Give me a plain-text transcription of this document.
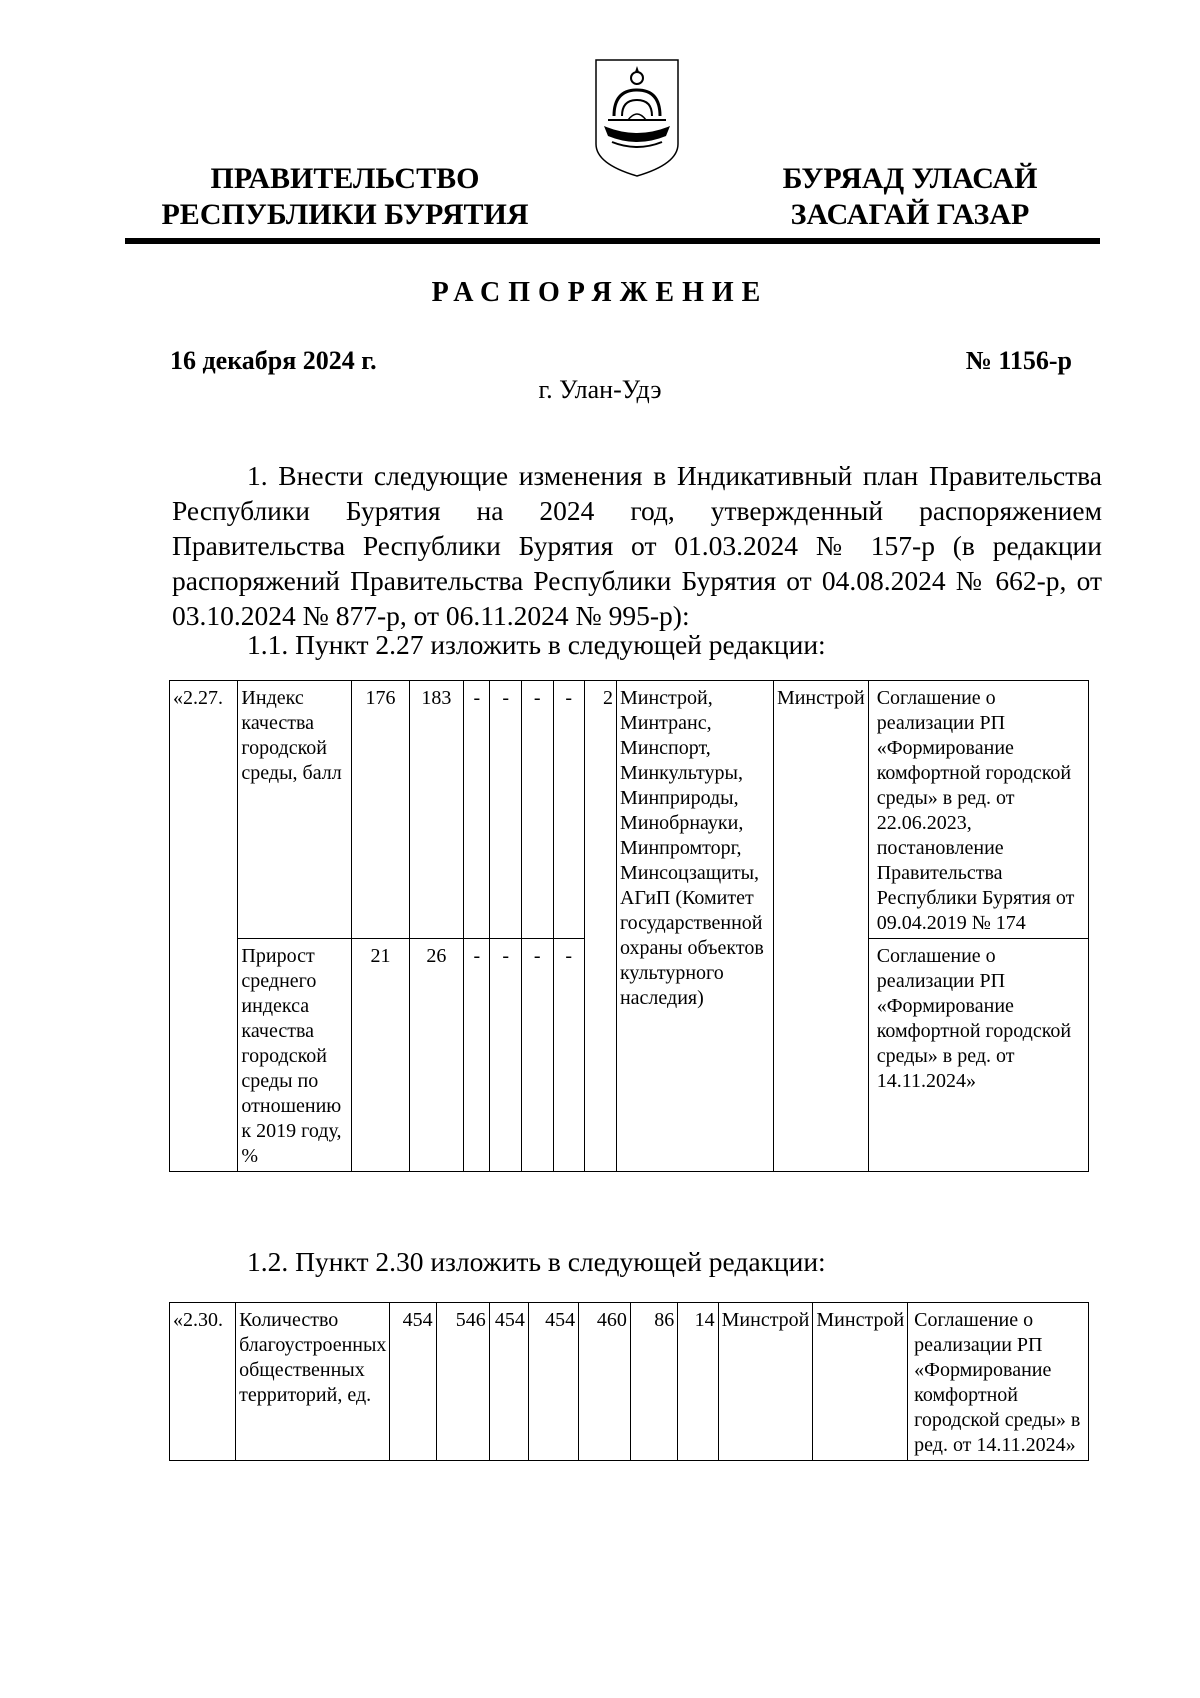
ПРАВИТЕЛЬСТВО
РЕСПУБЛИКИ БУРЯТИЯ
БУРЯАД УЛАСАЙ
ЗАСАГАЙ ГАЗАР
РАСПОРЯЖЕНИЕ
16 декабря 2024 г.	№ 1156-р
г. Улан-Удэ
1. Внести следующие изменения в Индикативный план Правительства Республики Бурятия на 2024 год, утвержденный распоряжением Правительства Республики Бурятия от 01.03.2024 № 157-р (в редакции распоряжений Правительства Республики Бурятия от 04.08.2024 № 662-р, от 03.10.2024 № 877-р, от 06.11.2024 № 995-р):
1.1. Пункт 2.27 изложить в следующей редакции:
«2.27.	Индекс качества городской среды, балл	176	183	-	-	-	-	2	Минстрой, Минтранс, Минспорт, Минкультуры, Минприроды, Минобрнауки, Минпромторг, Минсоцзащиты, АГиП (Комитет государственной охраны объектов культурного наследия)	Минстрой	Соглашение о реализации РП «Формирование комфортной городской среды» в ред. от 22.06.2023, постановление Правительства Республики Бурятия от 09.04.2019 № 174
	Прирост среднего индекса качества городской среды по отношению к 2019 году, %	21	26	-	-	-	-				Соглашение о реализации РП «Формирование комфортной городской среды» в ред. от 14.11.2024»
1.2. Пункт 2.30 изложить в следующей редакции:
«2.30.	Количество благоустроенных общественных территорий, ед.	454	546	454	454	460	86	14	Минстрой	Минстрой	Соглашение о реализации РП «Формирование комфортной городской среды» в ред. от 14.11.2024»
